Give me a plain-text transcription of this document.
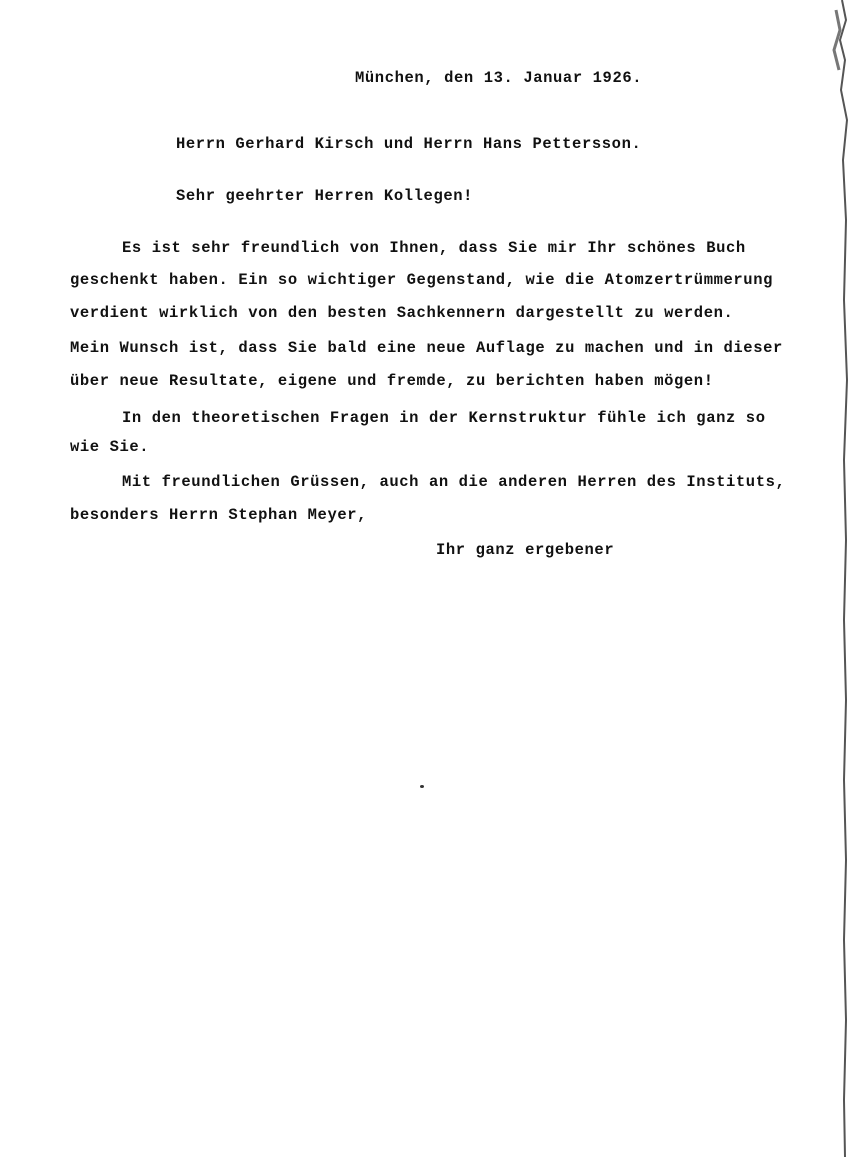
München, den 13. Januar 1926.
Herrn Gerhard Kirsch und Herrn Hans Pettersson.
Sehr geehrter Herren Kollegen!
Es ist sehr freundlich von Ihnen, dass Sie mir Ihr schönes Buch
geschenkt haben. Ein so wichtiger Gegenstand, wie die Atomzertrümmerung
verdient wirklich von den besten Sachkennern dargestellt zu werden.
Mein Wunsch ist, dass Sie bald eine neue Auflage zu machen und in dieser
über neue Resultate, eigene und fremde, zu berichten haben mögen!
In den theoretischen Fragen in der Kernstruktur fühle ich ganz so
wie Sie.
Mit freundlichen Grüssen, auch an die anderen Herren des Instituts,
besonders Herrn Stephan Meyer,
Ihr ganz ergebener
